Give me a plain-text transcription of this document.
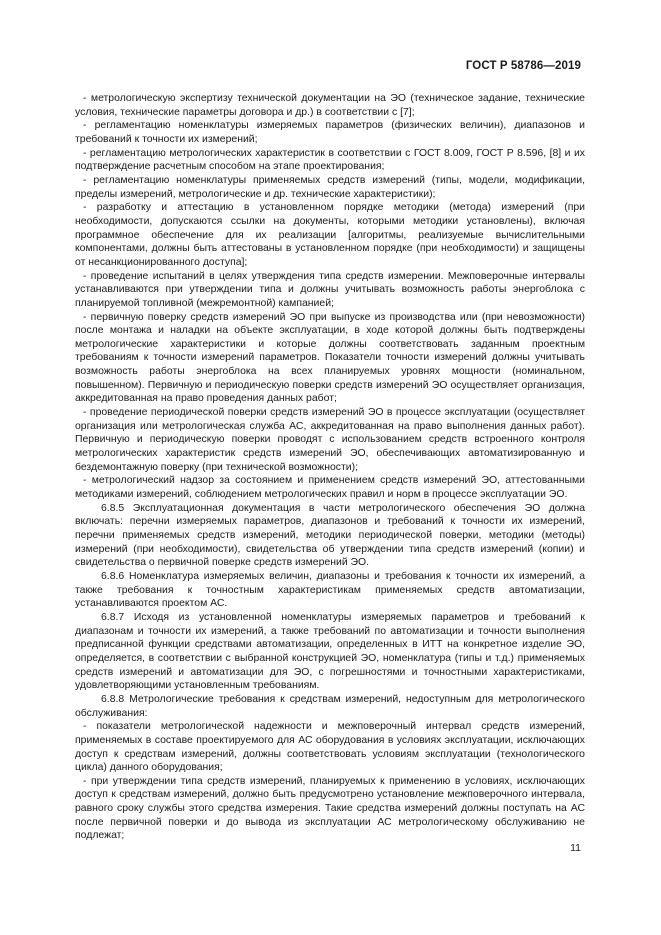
ГОСТ Р 58786—2019

- метрологическую экспертизу технической документации на ЭО (техническое задание, технические условия, технические параметры договора и др.) в соответствии с [7];

- регламентацию номенклатуры измеряемых параметров (физических величин), диапазонов и требований к точности их измерений;

- регламентацию метрологических характеристик в соответствии с ГОСТ 8.009, ГОСТ Р 8.596, [8] и их подтверждение расчетным способом на этапе проектирования;

- регламентацию номенклатуры применяемых средств измерений (типы, модели, модификации, пределы измерений, метрологические и др. технические характеристики);

- разработку и аттестацию в установленном порядке методики (метода) измерений (при необходимости, допускаются ссылки на документы, которыми методики установлены), включая программное обеспечение для их реализации [алгоритмы, реализуемые вычислительными компонентами, должны быть аттестованы в установленном порядке (при необходимости) и защищены от несанкционированного доступа];

- проведение испытаний в целях утверждения типа средств измерении. Межповерочные интервалы устанавливаются при утверждении типа и должны учитывать возможность работы энергоблока с планируемой топливной (межремонтной) кампанией;

- первичную поверку средств измерений ЭО при выпуске из производства или (при невозможности) после монтажа и наладки на объекте эксплуатации, в ходе которой должны быть подтверждены метрологические характеристики и которые должны соответствовать заданным проектным требованиям к точности измерений параметров. Показатели точности измерений должны учитывать возможность работы энергоблока на всех планируемых уровнях мощности (номинальном, повышенном). Первичную и периодическую поверки средств измерений ЭО осуществляет организация, аккредитованная на право проведения данных работ;

- проведение периодической поверки средств измерений ЭО в процессе эксплуатации (осуществляет организация или метрологическая служба АС, аккредитованная на право выполнения данных работ). Первичную и периодическую поверки проводят с использованием средств встроенного контроля метрологических характеристик средств измерений ЭО, обеспечивающих автоматизированную и бездемонтажную поверку (при технической возможности);

- метрологический надзор за состоянием и применением средств измерений ЭО, аттестованными методиками измерений, соблюдением метрологических правил и норм в процессе эксплуатации ЭО.

6.8.5 Эксплуатационная документация в части метрологического обеспечения ЭО должна включать: перечни измеряемых параметров, диапазонов и требований к точности их измерений, перечни применяемых средств измерений, методики периодической поверки, методики (методы) измерений (при необходимости), свидетельства об утверждении типа средств измерений (копии) и свидетельства о первичной поверке средств измерений ЭО.

6.8.6 Номенклатура измеряемых величин, диапазоны и требования к точности их измерений, а также требования к точностным характеристикам применяемых средств автоматизации, устанавливаются проектом АС.

6.8.7 Исходя из установленной номенклатуры измеряемых параметров и требований к диапазонам и точности их измерений, а также требований по автоматизации и точности выполнения предписанной функции средствами автоматизации, определенных в ИТТ на конкретное изделие ЭО, определяется, в соответствии с выбранной конструкцией ЭО, номенклатура (типы и т.д.) применяемых средств измерений и автоматизации для ЭО, с погрешностями и точностными характеристиками, удовлетворяющими установленным требованиям.

6.8.8 Метрологические требования к средствам измерений, недоступным для метрологического обслуживания:

- показатели метрологической надежности и межповерочный интервал средств измерений, применяемых в составе проектируемого для АС оборудования в условиях эксплуатации, исключающих доступ к средствам измерений, должны соответствовать условиям эксплуатации (технологического цикла) данного оборудования;

- при утверждении типа средств измерений, планируемых к применению в условиях, исключающих доступ к средствам измерений, должно быть предусмотрено установление межповерочного интервала, равного сроку службы этого средства измерения. Такие средства измерений должны поступать на АС после первичной поверки и до вывода из эксплуатации АС метрологическому обслуживанию не подлежат;

11
